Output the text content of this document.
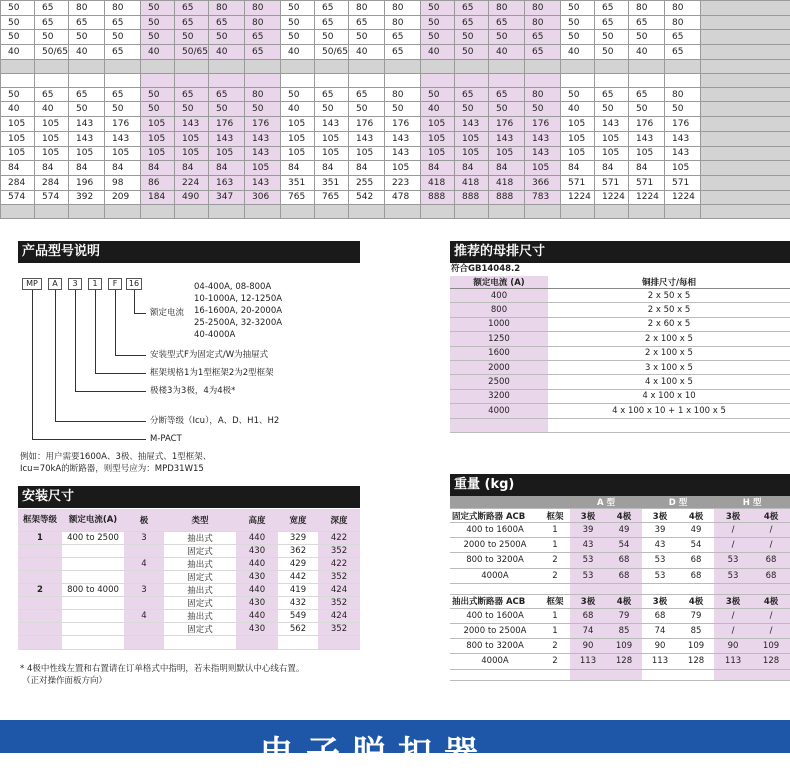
50	65	80	80	50	65	80	80	50	65	80	80	50	65	80	80	50	65	80	80	
50	65	65	65	50	65	65	80	50	65	65	80	50	65	65	80	50	65	65	80	
50	50	50	50	50	50	50	65	50	50	50	65	50	50	50	65	50	50	50	65	
40	50/65	40	65	40	50/65	40	65	40	50/65	40	65	40	50	40	65	40	50	40	65	

50	65	65	65	50	65	65	80	50	65	65	80	50	65	65	80	50	65	65	80	
40	40	50	50	50	50	50	50	40	50	50	50	40	50	50	50	40	50	50	50	
105	105	143	176	105	143	176	176	105	143	176	176	105	143	176	176	105	143	176	176	
105	105	143	143	105	105	143	143	105	105	143	143	105	105	143	143	105	105	143	143	
105	105	105	105	105	105	105	143	105	105	105	143	105	105	105	143	105	105	105	143	
84	84	84	84	84	84	84	105	84	84	84	105	84	84	84	105	84	84	84	105	
284	284	196	98	86	224	163	143	351	351	255	223	418	418	418	366	571	571	571	571	
574	574	392	209	184	490	347	306	765	765	542	478	888	888	888	783	1224	1224	1224	1224	

产品型号说明
MP	A	3	1	F	16	04-400A, 08-800A
10-1000A, 12-1250A
16-1600A, 20-2000A
25-2500A, 32-3200A
40-4000A
额定电流
安装型式F为固定式/W为抽屉式
框架规格1为1型框架2为2型框架
极楼3为3极，4为4极*
分断等级（Icu），A、D、H1、H2
M-PACT
例如：用户需要1600A、3极、抽屉式、1型框架、
Icu=70kA的断路器，则型号应为：MPD31W15
安装尺寸
框架等级	额定电流(A)	极	类型	高度	宽度	深度
1	400 to 2500	3	抽出式	440	329	422
			固定式	430	362	352
		4	抽出式	440	429	422
			固定式	430	442	352
2	800 to 4000	3	抽出式	440	419	424
			固定式	430	432	352
		4	抽出式	440	549	424
			固定式	430	562	352

* 4极中性线左置和右置请在订单格式中指明，若未指明则默认中心线右置。
（正对操作面板方向）
推荐的母排尺寸
符合GB14048.2
额定电流 (A)	铜排尺寸/每相
400	2 x 50 x 5
800	2 x 50 x 5
1000	2 x 60 x 5
1250	2 x 100 x 5
1600	2 x 100 x 5
2000	3 x 100 x 5
2500	4 x 100 x 5
3200	4 x 100 x 10
4000	4 x 100 x 10 + 1 x 100 x 5

重量 (kg)
		A 型		D 型		H 型	
固定式断路器 ACB	框架	3极	4极	3极	4极	3极	4极
400 to 1600A	1	39	49	39	49	/	/
2000 to 2500A	1	43	54	43	54	/	/
800 to 3200A	2	53	68	53	68	53	68
4000A	2	53	68	53	68	53	68

抽出式断路器 ACB	框架	3极	4极	3极	4极	3极	4极
400 to 1600A	1	68	79	68	79	/	/
2000 to 2500A	1	74	85	74	85	/	/
800 to 3200A	2	90	109	90	109	90	109
4000A	2	113	128	113	128	113	128

电子脱扣器
